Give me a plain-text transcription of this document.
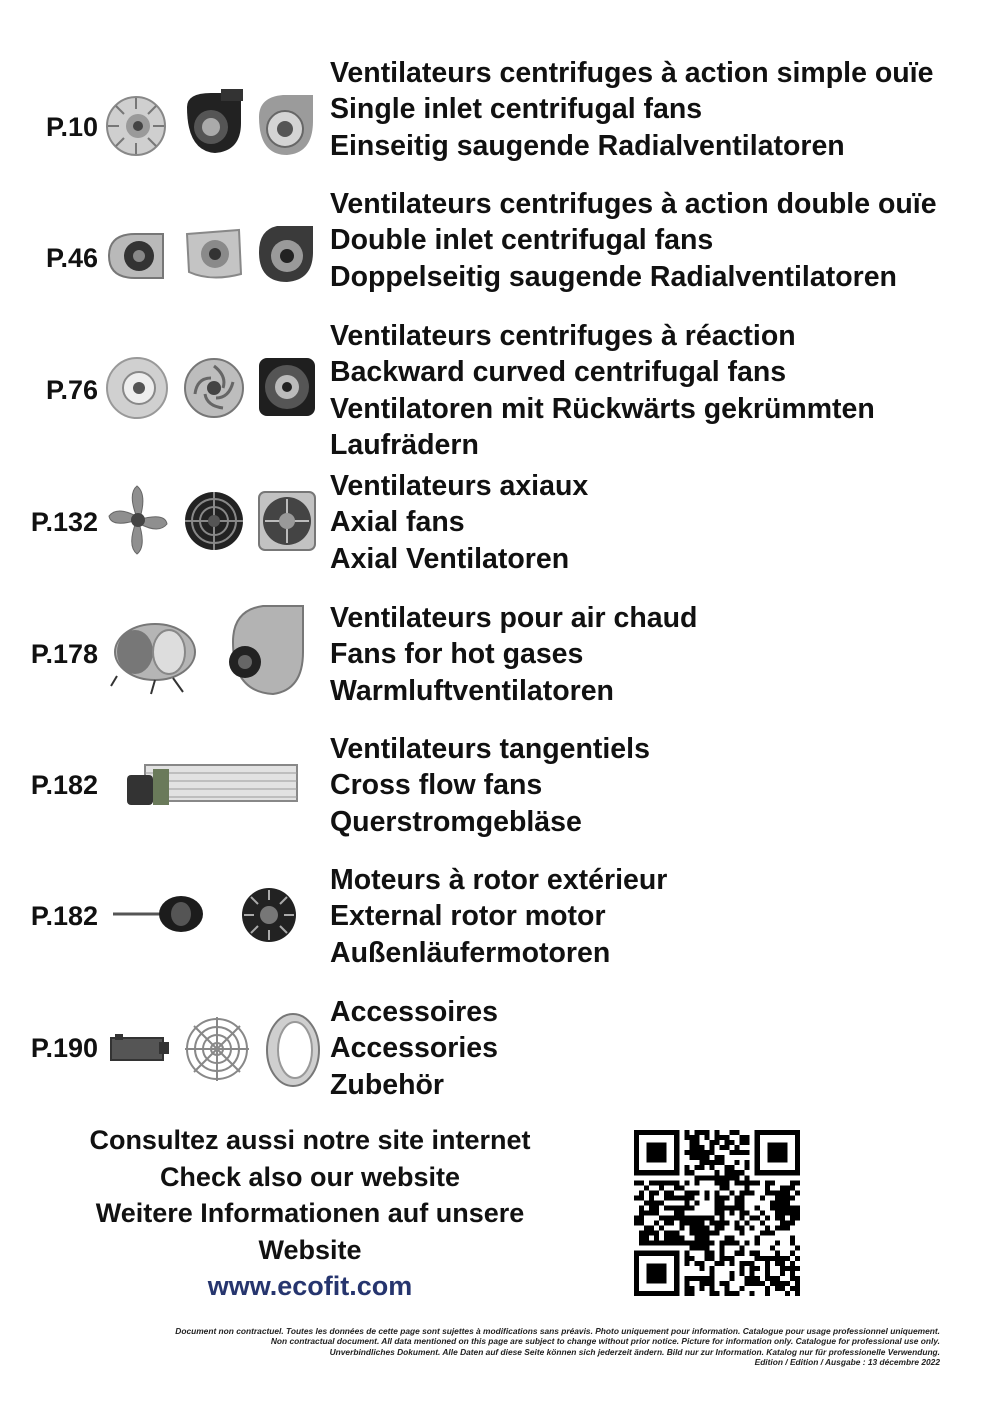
P.10
Ventilateurs centrifuges à action simple ouïe
Single inlet centrifugal fans
Einseitig saugende Radialventilatoren
P.46
Ventilateurs centrifuges à action double ouïe
Double inlet centrifugal fans
Doppelseitig saugende Radialventilatoren
P.76
Ventilateurs centrifuges à réaction
Backward curved centrifugal fans
Ventilatoren mit Rückwärts gekrümmten
Laufrädern
P.132
Ventilateurs axiaux
Axial fans
Axial Ventilatoren
P.178
Ventilateurs pour air chaud
Fans for hot gases
Warmluftventilatoren
P.182
Ventilateurs tangentiels
Cross flow fans
Querstromgebläse
P.182
Moteurs à rotor extérieur
External rotor motor
Außenläufermotoren
P.190
Accessoires
Accessories
Zubehör
Consultez aussi notre site internet
Check also our website
Weitere Informationen auf unsere
Website
www.ecofit.com
Document non contractuel. Toutes les données de cette page sont sujettes à modifications sans préavis. Photo uniquement pour information. Catalogue pour usage professionnel uniquement.
Non contractual document. All data mentioned on this page are subject to change without prior notice. Picture for information only. Catalogue for professional use only.
Unverbindliches Dokument. Alle Daten auf diese Seite können sich jederzeit ändern. Bild nur zur Information. Katalog nur für professionelle Verwendung.
Edition / Edition / Ausgabe : 13 décembre 2022
